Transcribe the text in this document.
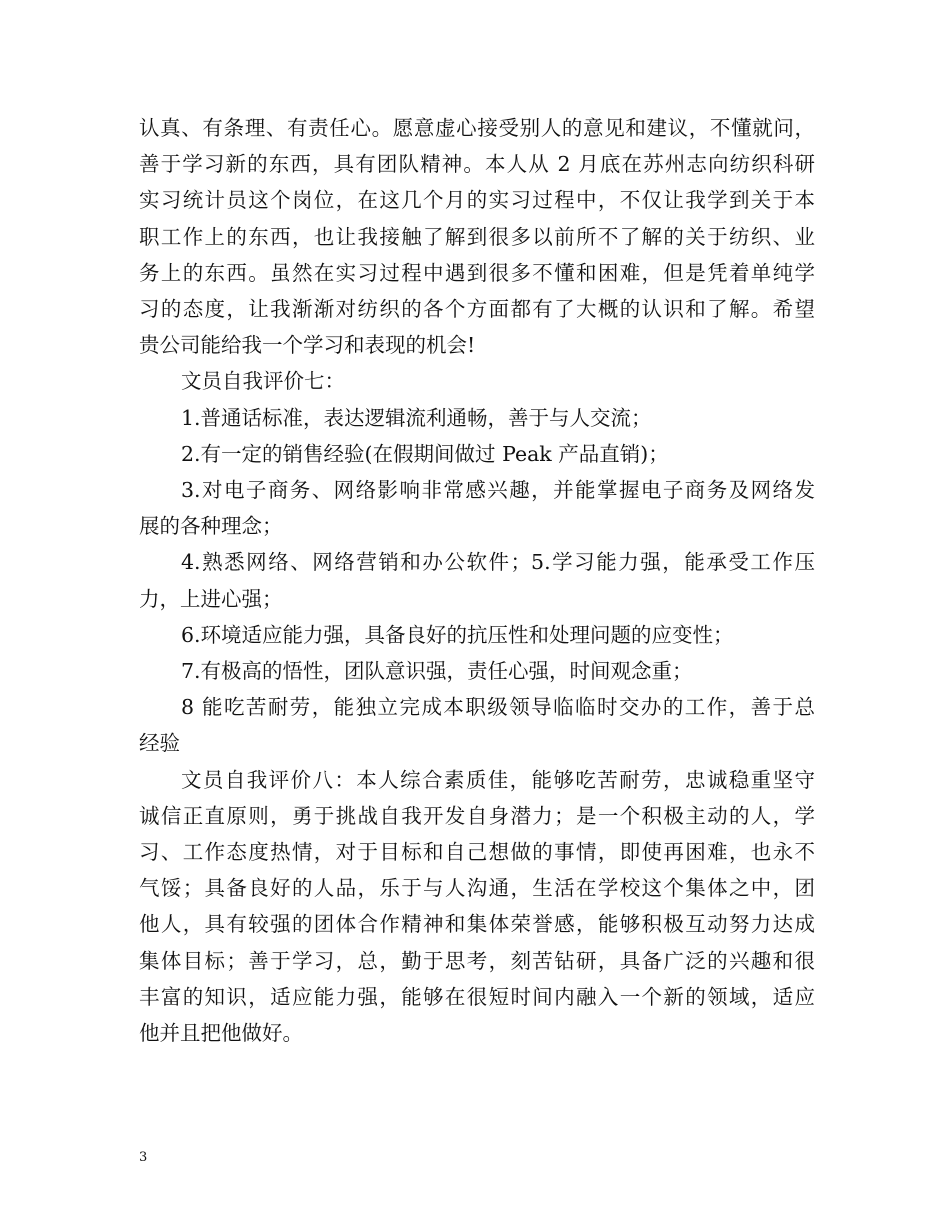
认真、有条理、有责任心。愿意虚心接受别人的意见和建议，不懂就问，
善于学习新的东西，具有团队精神。本人从 2 月底在苏州志向纺织科研
实习统计员这个岗位，在这几个月的实习过程中，不仅让我学到关于本
职工作上的东西，也让我接触了解到很多以前所不了解的关于纺织、业
务上的东西。虽然在实习过程中遇到很多不懂和困难，但是凭着单纯学
习的态度，让我渐渐对纺织的各个方面都有了大概的认识和了解。希望
贵公司能给我一个学习和表现的机会!
文员自我评价七：
1.普通话标准，表达逻辑流利通畅，善于与人交流；
2.有一定的销售经验(在假期间做过 Peak 产品直销)；
3.对电子商务、网络影响非常感兴趣，并能掌握电子商务及网络发
展的各种理念；
4.熟悉网络、网络营销和办公软件；5.学习能力强，能承受工作压
力，上进心强；
6.环境适应能力强，具备良好的抗压性和处理问题的应变性；
7.有极高的悟性，团队意识强，责任心强，时间观念重；
8 能吃苦耐劳，能独立完成本职级领导临临时交办的工作，善于总
经验
文员自我评价八：本人综合素质佳，能够吃苦耐劳，忠诚稳重坚守
诚信正直原则，勇于挑战自我开发自身潜力；是一个积极主动的人，学
习、工作态度热情，对于目标和自己想做的事情，即使再困难，也永不
气馁；具备良好的人品，乐于与人沟通，生活在学校这个集体之中，团
他人，具有较强的团体合作精神和集体荣誉感，能够积极互动努力达成
集体目标；善于学习，总，勤于思考，刻苦钻研，具备广泛的兴趣和很
丰富的知识，适应能力强，能够在很短时间内融入一个新的领域，适应
他并且把他做好。
3
